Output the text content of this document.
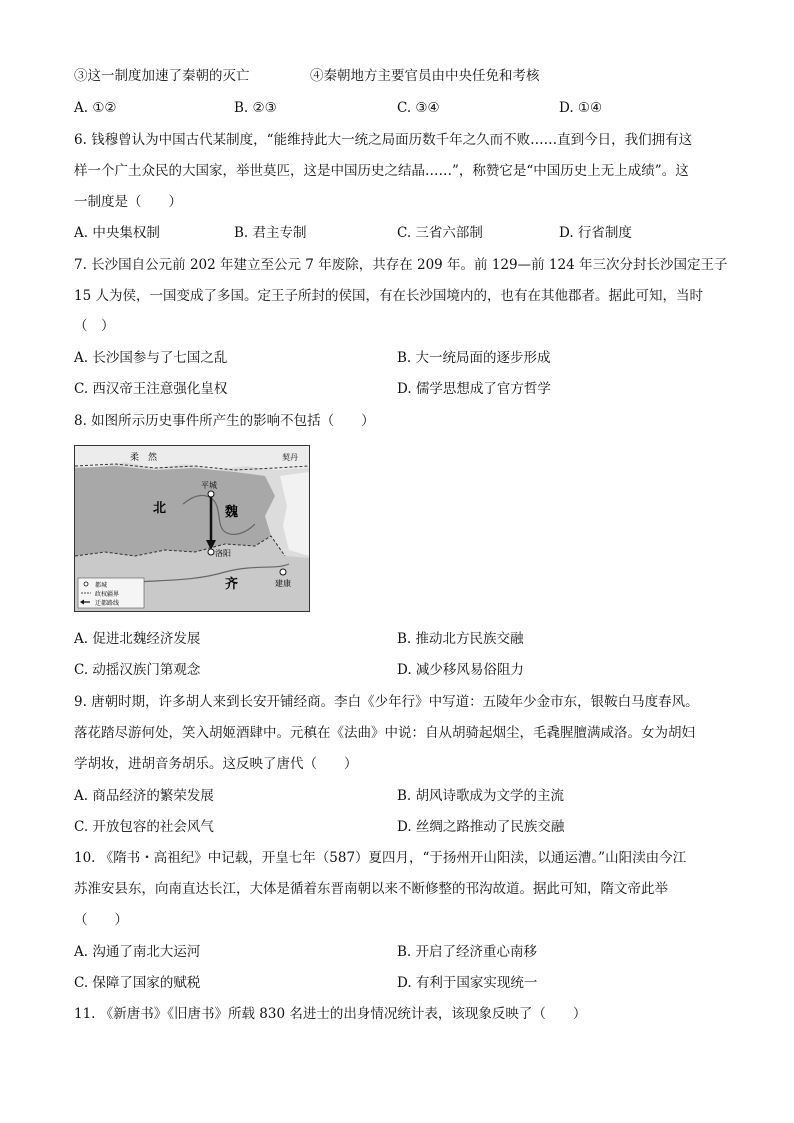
③这一制度加速了秦朝的灭亡	④秦朝地方主要官员由中央任免和考核
A. ①②	B. ②③	C. ③④	D. ①④
6. 钱穆曾认为中国古代某制度，“能维持此大一统之局面历数千年之久而不败……直到今日，我们拥有这
样一个广土众民的大国家，举世莫匹，这是中国历史之结晶……”，称赞它是“中国历史上无上成绩”。这
一制度是（　　）
A. 中央集权制	B. 君主专制	C. 三省六部制	D. 行省制度
7. 长沙国自公元前 202 年建立至公元 7 年废除，共存在 209 年。前 129—前 124 年三次分封长沙国定王子
15 人为侯，一国变成了多国。定王子所封的侯国，有在长沙国境内的，也有在其他郡者。据此可知，当时
（　）
A. 长沙国参与了七国之乱	B. 大一统局面的逐步形成
C. 西汉帝王注意强化皇权	D. 儒学思想成了官方哲学
8. 如图所示历史事件所产生的影响不包括（　　）
柔　然	契丹
北	魏
平城
洛阳
齐	建康
都城
政权疆界
迁都路线
A. 促进北魏经济发展	B. 推动北方民族交融
C. 动摇汉族门第观念	D. 减少移风易俗阻力
9. 唐朝时期，许多胡人来到长安开铺经商。李白《少年行》中写道：五陵年少金市东，银鞍白马度春风。
落花踏尽游何处，笑入胡姬酒肆中。元稹在《法曲》中说：自从胡骑起烟尘，毛毳腥膻满咸洛。女为胡妇
学胡妆，进胡音务胡乐。这反映了唐代（　　）
A. 商品经济的繁荣发展	B. 胡风诗歌成为文学的主流
C. 开放包容的社会风气	D. 丝绸之路推动了民族交融
10. 《隋书・高祖纪》中记载，开皇七年（587）夏四月，“于扬州开山阳渎，以通运漕。”山阳渎由今江
苏淮安县东，向南直达长江，大体是循着东晋南朝以来不断修整的邗沟故道。据此可知，隋文帝此举
（　　）
A. 沟通了南北大运河	B. 开启了经济重心南移
C. 保障了国家的赋税	D. 有利于国家实现统一
11. 《新唐书》《旧唐书》所载 830 名进士的出身情况统计表，该现象反映了（　　）
